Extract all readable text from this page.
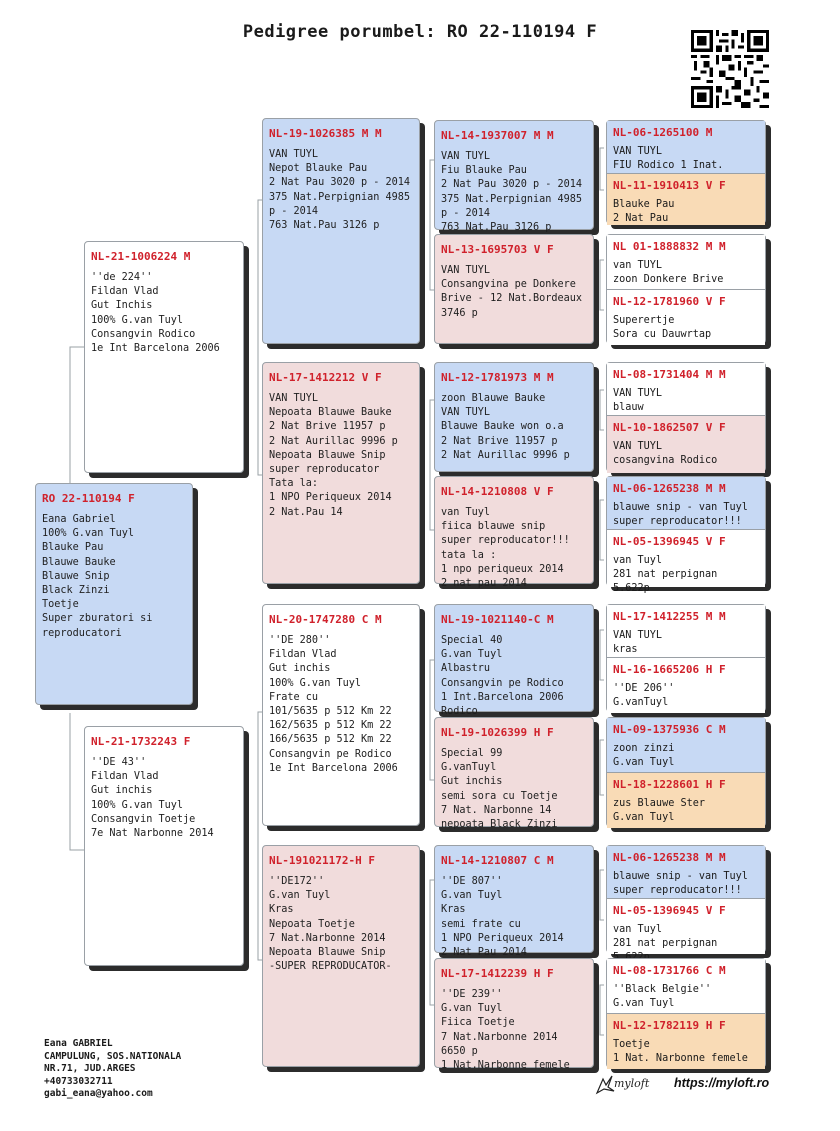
Pedigree porumbel: RO 22-110194 F
RO 22-110194 F
Eana Gabriel
100% G.van Tuyl
Blauke Pau
Blauwe Bauke
Blauwe Snip
Black Zinzi
Toetje
Super zburatori si
reproducatori
NL-21-1006224 M
''de 224''
Fildan Vlad
Gut Inchis
100% G.van Tuyl
Consangvin Rodico
1e Int Barcelona 2006
NL-21-1732243 F
''DE 43''
Fildan Vlad
Gut inchis
100% G.van Tuyl
Consangvin Toetje
7e Nat Narbonne 2014
NL-19-1026385 M M
VAN TUYL
Nepot Blauke Pau
2 Nat Pau 3020 p - 2014
375 Nat.Perpignian 4985
p - 2014
763 Nat.Pau 3126 p
NL-17-1412212 V F
VAN TUYL
Nepoata Blauwe Bauke
2 Nat Brive 11957 p
2 Nat Aurillac 9996 p
Nepoata Blauwe Snip
super reproducator
Tata la:
1 NPO Periqueux 2014
2 Nat.Pau 14
NL-20-1747280 C M
''DE 280''
Fildan Vlad
Gut inchis
100% G.van Tuyl
Frate cu
101/5635 p 512 Km 22
162/5635 p 512 Km 22
166/5635 p 512 Km 22
Consangvin pe Rodico
1e Int Barcelona 2006
NL-191021172-H F
''DE172''
G.van Tuyl
Kras
Nepoata Toetje
7 Nat.Narbonne 2014
Nepoata Blauwe Snip
-SUPER REPRODUCATOR-
NL-14-1937007 M M
VAN TUYL
Fiu Blauke Pau
2 Nat Pau 3020 p - 2014
375 Nat.Perpignian 4985
p - 2014
763 Nat.Pau 3126 p
NL-13-1695703 V F
VAN TUYL
Consangvina pe Donkere
Brive - 12 Nat.Bordeaux
3746 p
NL-12-1781973 M M
zoon Blauwe Bauke
VAN TUYL
Blauwe Bauke won o.a
2 Nat Brive 11957 p
2 Nat Aurillac 9996 p
NL-14-1210808 V F
van Tuyl
fiica blauwe snip
super reproducator!!!
tata la :
1 npo periqueux 2014
2 nat pau 2014
NL-19-1021140-C M
Special 40
G.van Tuyl
Albastru
Consangvin pe Rodico
1 Int.Barcelona 2006
Rodico
NL-19-1026399 H F
Special 99
G.vanTuyl
Gut inchis
semi sora cu Toetje
7 Nat. Narbonne 14
nepoata Black Zinzi
NL-14-1210807 C M
''DE 807''
G.van Tuyl
Kras
semi frate cu
1 NPO Periqueux 2014
2 Nat Pau 2014
NL-17-1412239 H F
''DE 239''
G.van Tuyl
Fiica Toetje
7 Nat.Narbonne 2014
6650 p
1 Nat.Narbonne femele
NL-06-1265100 M
VAN TUYL
FIU Rodico 1 Inat.
NL-11-1910413 V F
Blauke Pau
2 Nat Pau
NL 01-1888832 M M
van TUYL
zoon Donkere Brive
NL-12-1781960 V F
Superertje
Sora cu Dauwrtap
NL-08-1731404 M M
VAN TUYL
blauw
NL-10-1862507 V F
VAN TUYL
cosangvina Rodico
NL-06-1265238 M M
blauwe snip - van Tuyl
super reproducator!!!
NL-05-1396945 V F
van Tuyl
281 nat perpignan 5.622p
NL-17-1412255 M M
VAN TUYL
kras
NL-16-1665206 H F
''DE 206''
G.vanTuyl
NL-09-1375936 C M
zoon zinzi
G.van Tuyl
NL-18-1228601 H F
zus Blauwe Ster
G.van Tuyl
NL-06-1265238 M M
blauwe snip - van Tuyl
super reproducator!!!
NL-05-1396945 V F
van Tuyl
281 nat perpignan
NL-08-1731766 C M
''Black Belgie''
G.van Tuyl
NL-12-1782119 H F
Toetje
1 Nat. Narbonne femele
Eana GABRIEL
CAMPULUNG, SOS.NATIONALA
NR.71, JUD.ARGES
+40733032711
gabi_eana@yahoo.com
myloft https://myloft.ro
